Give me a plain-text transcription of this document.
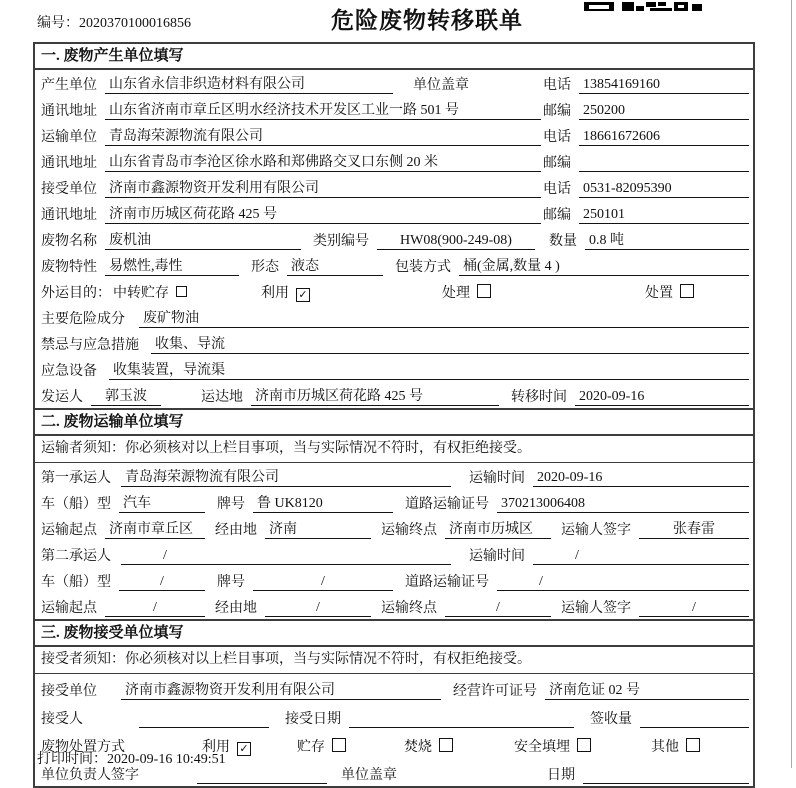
编号：2020370100016856	危险废物转移联单
一. 废物产生单位填写
产生单位 山东省永信非织造材料有限公司	单位盖章	电话 13854169160
通讯地址 山东省济南市章丘区明水经济技术开发区工业一路 501 号	邮编 250200
运输单位 青岛海荣源物流有限公司	电话 18661672606
通讯地址 山东省青岛市李沧区徐水路和郑佛路交叉口东侧 20 米	邮编
接受单位 济南市鑫源物资开发利用有限公司	电话 0531-82095390
通讯地址 济南市历城区荷花路 425 号	邮编 250101
废物名称 废机油	类别编号	HW08(900-249-08)	数量 0.8 吨
废物特性 易燃性,毒性	形态 液态	包装方式 桶(金属,数量 4 )
外运目的： 中转贮存	利用 ✓	处理	处置
主要危险成分 废矿物油
禁忌与应急措施 收集、导流
应急设备 收集装置，导流渠
发运人	郭玉波	运达地 济南市历城区荷花路 425 号	转移时间 2020-09-16
二. 废物运输单位填写
运输者须知：你必须核对以上栏目事项，当与实际情况不符时，有权拒绝接受。
第一承运人 青岛海荣源物流有限公司	运输时间 2020-09-16
车（船）型 汽车	牌号 鲁 UK8120	道路运输证号 370213006408
运输起点 济南市章丘区	经由地 济南	运输终点 济南市历城区	运输人签字	张春雷
第二承运人	/	运输时间	/
车（船）型	/	牌号	/	道路运输证号	/
运输起点	/	经由地	/	运输终点	/	运输人签字	/
三. 废物接受单位填写
接受者须知：你必须核对以上栏目事项，当与实际情况不符时，有权拒绝接受。
接受单位 济南市鑫源物资开发利用有限公司	经营许可证号 济南危证 02 号
接受人	接受日期	签收量
废物处置方式	利用 ✓	贮存	焚烧	安全填埋	其他
单位负责人签字	单位盖章	日期
打印时间：2020-09-16 10:49:51
